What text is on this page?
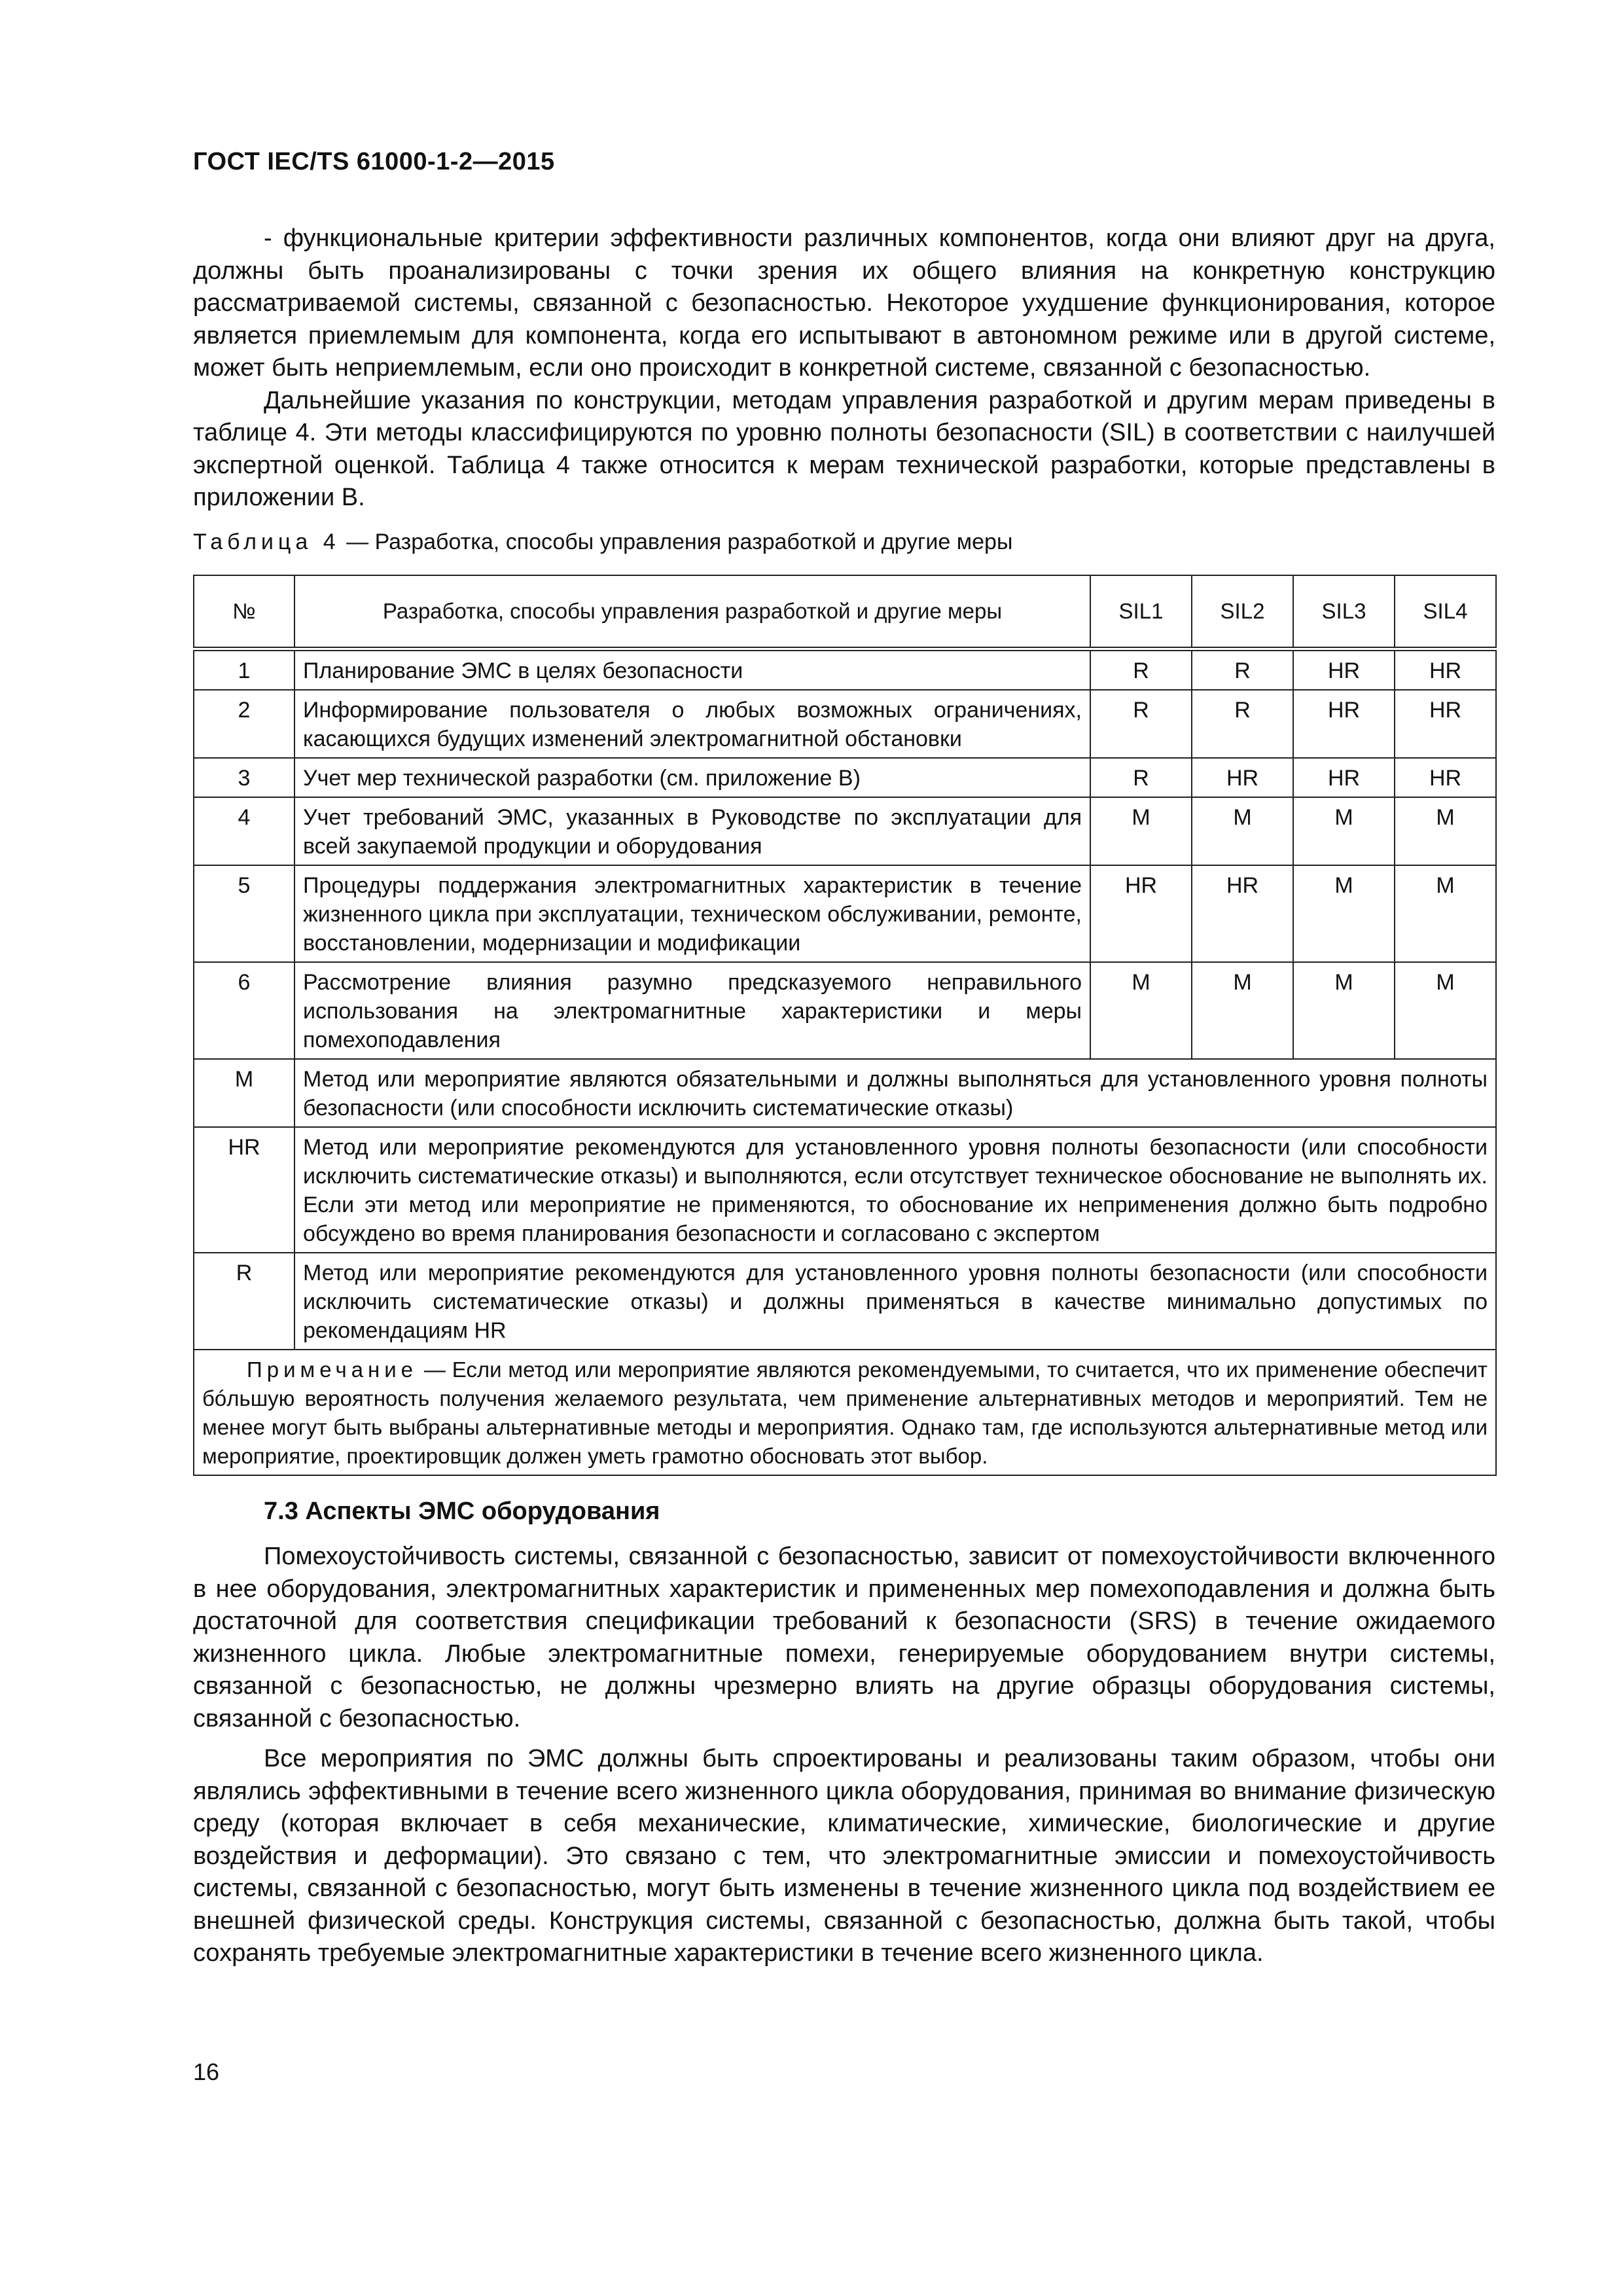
ГОСТ IEC/TS 61000-1-2—2015

- функциональные критерии эффективности различных компонентов, когда они влияют друг на друга, должны быть проанализированы с точки зрения их общего влияния на конкретную конструкцию рассматриваемой системы, связанной с безопасностью. Некоторое ухудшение функционирования, которое является приемлемым для компонента, когда его испытывают в автономном режиме или в другой системе, может быть неприемлемым, если оно происходит в конкретной системе, связанной с безопасностью.

Дальнейшие указания по конструкции, методам управления разработкой и другим мерам приведены в таблице 4. Эти методы классифицируются по уровню полноты безопасности (SIL) в соответствии с наилучшей экспертной оценкой. Таблица 4 также относится к мерам технической разработки, которые представлены в приложении В.

Таблица 4 — Разработка, способы управления разработкой и другие меры
№	Разработка, способы управления разработкой и другие меры	SIL1	SIL2	SIL3	SIL4
1	Планирование ЭМС в целях безопасности	R	R	HR	HR
2	Информирование пользователя о любых возможных ограничениях, касающихся будущих изменений электромагнитной обстановки	R	R	HR	HR
3	Учет мер технической разработки (см. приложение В)	R	HR	HR	HR
4	Учет требований ЭМС, указанных в Руководстве по эксплуатации для всей закупаемой продукции и оборудования	M	M	M	M
5	Процедуры поддержания электромагнитных характеристик в течение жизненного цикла при эксплуатации, техническом обслуживании, ремонте, восстановлении, модернизации и модификации	HR	HR	M	M
6	Рассмотрение влияния разумно предсказуемого неправильного использования на электромагнитные характеристики и меры помехоподавления	M	M	M	M
M	Метод или мероприятие являются обязательными и должны выполняться для установленного уровня полноты безопасности (или способности исключить систематические отказы)				
HR	Метод или мероприятие рекомендуются для установленного уровня полноты безопасности (или способности исключить систематические отказы) и выполняются, если отсутствует техническое обоснование не выполнять их. Если эти метод или мероприятие не применяются, то обоснование их неприменения должно быть подробно обсуждено во время планирования безопасности и согласовано с экспертом				
R	Метод или мероприятие рекомендуются для установленного уровня полноты безопасности (или способности исключить систематические отказы) и должны применяться в качестве минимально допустимых по рекомендациям HR				
Примечание — Если метод или мероприятие являются рекомендуемыми, то считается, что их применение обеспечит бóльшую вероятность получения желаемого результата, чем применение альтернативных методов и мероприятий. Тем не менее могут быть выбраны альтернативные методы и мероприятия. Однако там, где используются альтернативные метод или мероприятие, проектировщик должен уметь грамотно обосновать этот выбор.					
7.3 Аспекты ЭМС оборудования

Помехоустойчивость системы, связанной с безопасностью, зависит от помехоустойчивости включенного в нее оборудования, электромагнитных характеристик и примененных мер помехоподавления и должна быть достаточной для соответствия спецификации требований к безопасности (SRS) в течение ожидаемого жизненного цикла. Любые электромагнитные помехи, генерируемые оборудованием внутри системы, связанной с безопасностью, не должны чрезмерно влиять на другие образцы оборудования системы, связанной с безопасностью.

Все мероприятия по ЭМС должны быть спроектированы и реализованы таким образом, чтобы они являлись эффективными в течение всего жизненного цикла оборудования, принимая во внимание физическую среду (которая включает в себя механические, климатические, химические, биологические и другие воздействия и деформации). Это связано с тем, что электромагнитные эмиссии и помехоустойчивость системы, связанной с безопасностью, могут быть изменены в течение жизненного цикла под воздействием ее внешней физической среды. Конструкция системы, связанной с безопасностью, должна быть такой, чтобы сохранять требуемые электромагнитные характеристики в течение всего жизненного цикла.

16
